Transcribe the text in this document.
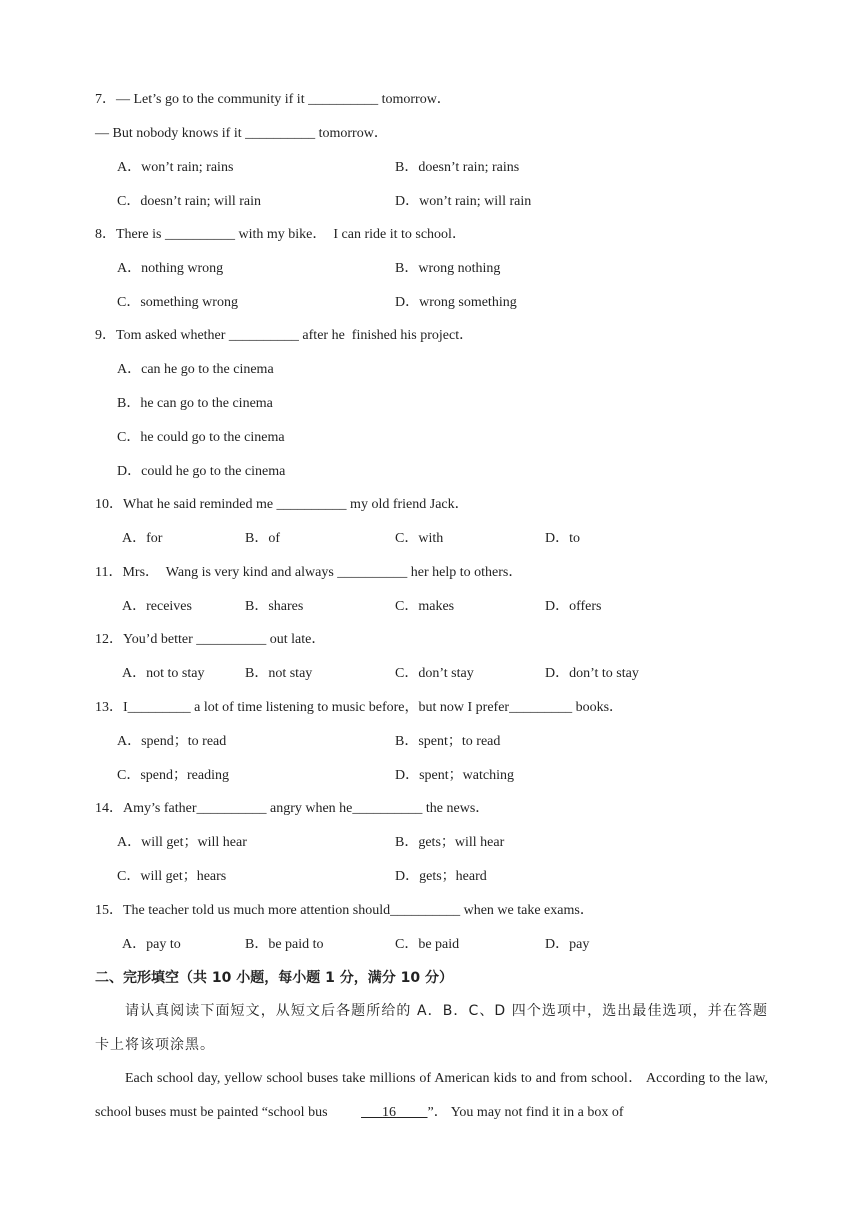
7．— Let’s go to the community if it __________ tomorrow．
— But nobody knows if it __________ tomorrow．
A．won’t rain; rains	B．doesn’t rain; rains
C．doesn’t rain; will rain	D．won’t rain; will rain
8．There is __________ with my bike．  I can ride it to school．
A．nothing wrong	B．wrong nothing
C．something wrong	D．wrong something
9．Tom asked whether __________ after he  finished his project．
A．can he go to the cinema
B．he can go to the cinema
C．he could go to the cinema
D．could he go to the cinema
10．What he said reminded me __________ my old friend Jack．
A．for	B．of	C．with	D．to
11．Mrs．  Wang is very kind and always __________ her help to others．
A．receives	B．shares	C．makes	D．offers
12．You’d better __________ out late．
A．not to stay	B．not stay	C．don’t stay	D．don’t to stay
13．I_________ a lot of time listening to music before，but now I prefer_________ books．
A．spend；to read	B．spent；to read
C．spend；reading	D．spent；watching
14．Amy’s father__________ angry when he__________ the news．
A．will get；will hear	B．gets；will hear
C．will get；hears	D．gets；heard
15．The teacher told us much more attention should__________ when we take exams．
A．pay to	B．be paid to	C．be paid	D．pay
二、完形填空（共 10 小题，每小题 1 分，满分 10 分）
请认真阅读下面短文，从短文后各题所给的 A．B．C、D 四个选项中，选出最佳选项，并在答题卡上将该项涂黑。
Each school day, yellow school buses take millions of American kids to and from school． According to the law, school buses must be painted “school bus	16 ”． You may not find it in a box of
